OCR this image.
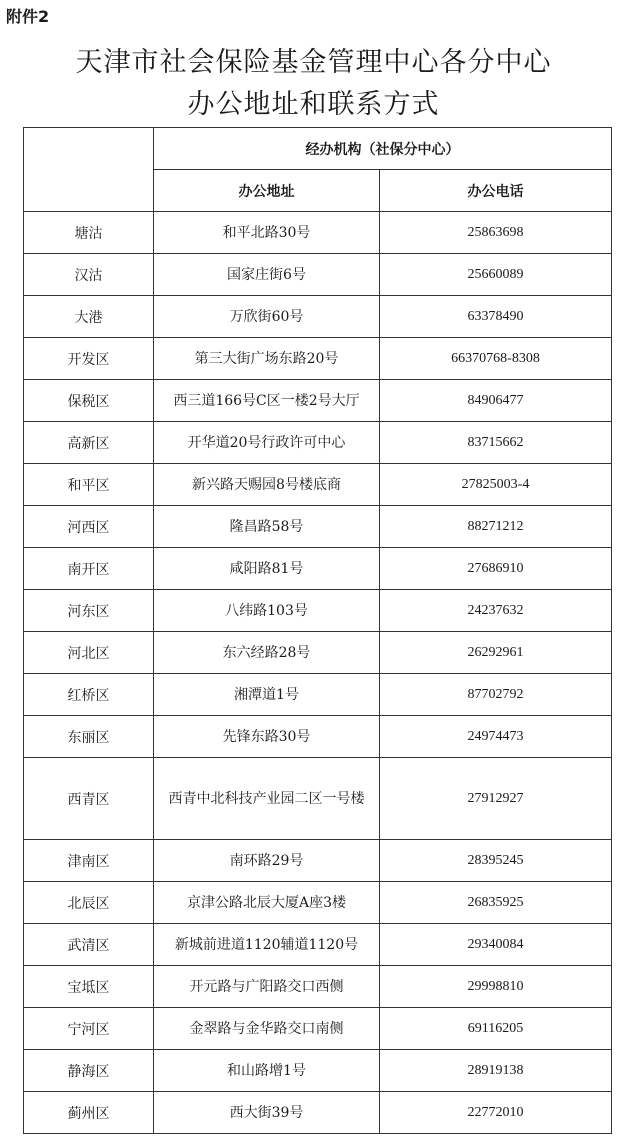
附件2
天津市社会保险基金管理中心各分中心
办公地址和联系方式
	经办机构（社保分中心）	
	办公地址	办公电话
塘沽	和平北路30号	25863698
汉沽	国家庄街6号	25660089
大港	万欣街60号	63378490
开发区	第三大街广场东路20号	66370768-8308
保税区	西三道166号C区一楼2号大厅	84906477
高新区	开华道20号行政许可中心	83715662
和平区	新兴路天赐园8号楼底商	27825003-4
河西区	隆昌路58号	88271212
南开区	咸阳路81号	27686910
河东区	八纬路103号	24237632
河北区	东六经路28号	26292961
红桥区	湘潭道1号	87702792
东丽区	先锋东路30号	24974473
西青区	西青中北科技产业园二区一号楼	27912927
津南区	南环路29号	28395245
北辰区	京津公路北辰大厦A座3楼	26835925
武清区	新城前进道1120辅道1120号	29340084
宝坻区	开元路与广阳路交口西侧	29998810
宁河区	金翠路与金华路交口南侧	69116205
静海区	和山路增1号	28919138
蓟州区	西大街39号	22772010
